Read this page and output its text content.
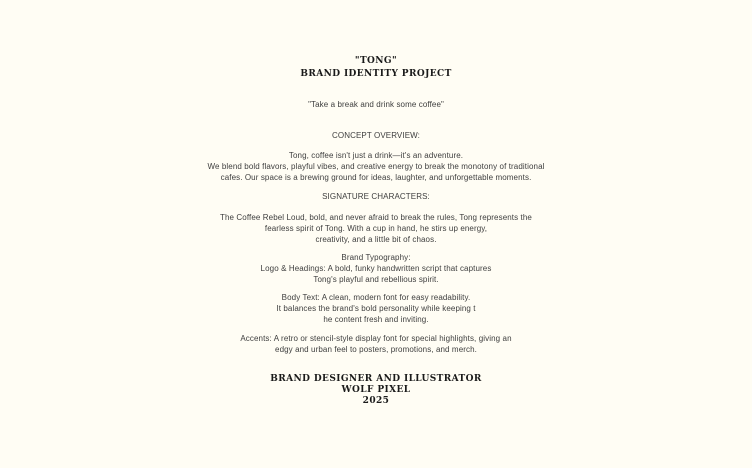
"TONG"
BRAND IDENTITY PROJECT
"Take a break and drink some coffee"
CONCEPT OVERVIEW:
Tong, coffee isn't just a drink—it's an adventure.
We blend bold flavors, playful vibes, and creative energy to break the monotony of traditional
cafes. Our space is a brewing ground for ideas, laughter, and unforgettable moments.
SIGNATURE CHARACTERS:
The Coffee Rebel Loud, bold, and never afraid to break the rules, Tong represents the
fearless spirit of Tong. With a cup in hand, he stirs up energy,
creativity, and a little bit of chaos.
Brand Typography:
Logo & Headings: A bold, funky handwritten script that captures
Tong's playful and rebellious spirit.
Body Text: A clean, modern font for easy readability.
It balances the brand's bold personality while keeping t
he content fresh and inviting.
Accents: A retro or stencil-style display font for special highlights, giving an
edgy and urban feel to posters, promotions, and merch.
BRAND DESIGNER AND ILLUSTRATOR
WOLF PIXEL
2025
